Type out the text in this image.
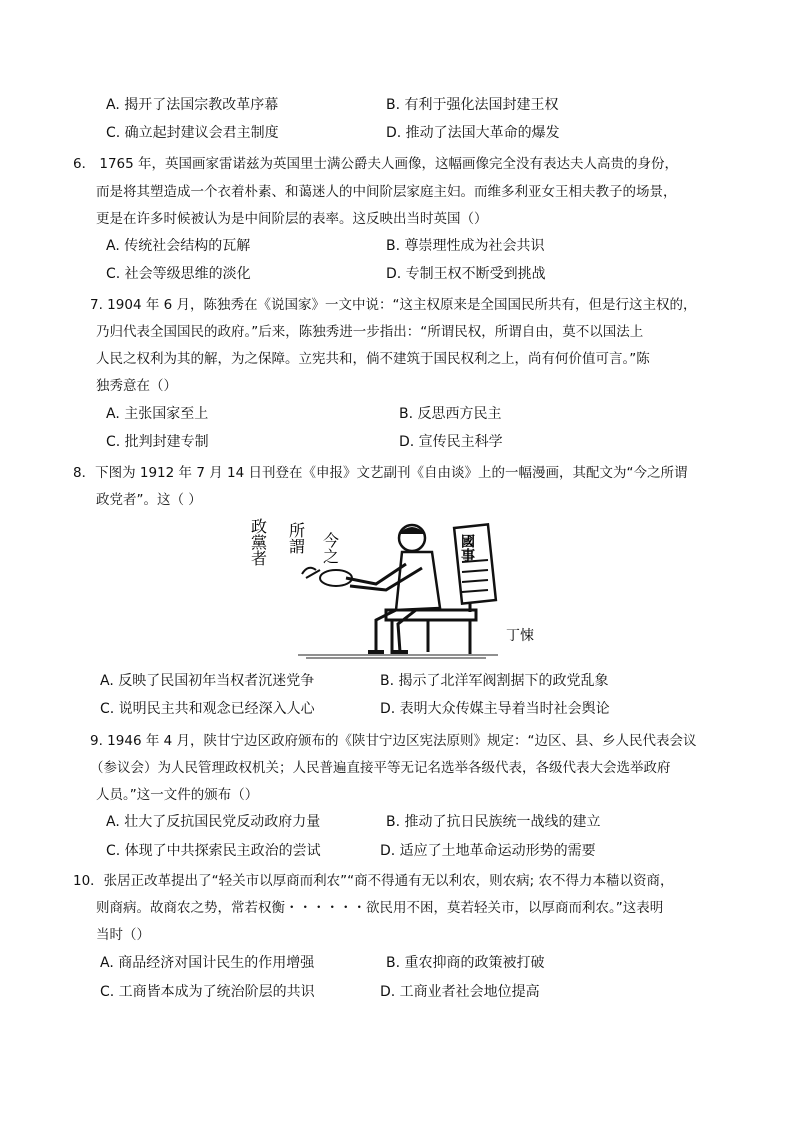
A. 揭开了法国宗教改革序幕	B. 有利于强化法国封建王权
C. 确立起封建议会君主制度	D. 推动了法国大革命的爆发
6． 1765 年，英国画家雷诺兹为英国里士满公爵夫人画像，这幅画像完全没有表达夫人高贵的身份，
而是将其塑造成一个衣着朴素、和蔼迷人的中间阶层家庭主妇。而维多利亚女王相夫教子的场景，
更是在许多时候被认为是中间阶层的表率。这反映出当时英国（）
A. 传统社会结构的瓦解	B. 尊崇理性成为社会共识
C. 社会等级思维的淡化	D. 专制王权不断受到挑战
7. 1904 年 6 月，陈独秀在《说国家》一文中说：“这主权原来是全国国民所共有，但是行这主权的，
乃归代表全国国民的政府。”后来，陈独秀进一步指出：“所谓民权，所谓自由，莫不以国法上
人民之权利为其的解，为之保障。立宪共和，倘不建筑于国民权利之上，尚有何价值可言。”陈
独秀意在（）
A. 主张国家至上	B. 反思西方民主
C. 批判封建专制	D. 宣传民主科学
8．下图为 1912 年 7 月 14 日刊登在《申报》文艺副刊《自由谈》上的一幅漫画，其配文为“今之所谓
政党者”。这（ ）
今之
所謂
政黨者	國事
丁悚
A. 反映了民国初年当权者沉迷党争	B. 揭示了北洋军阀割据下的政党乱象
C. 说明民主共和观念已经深入人心	D. 表明大众传媒主导着当时社会舆论
9. 1946 年 4 月，陕甘宁边区政府颁布的《陕甘宁边区宪法原则》规定：“边区、县、乡人民代表会议
（参议会）为人民管理政权机关；人民普遍直接平等无记名选举各级代表，各级代表大会选举政府
人员。”这一文件的颁布（）
A. 壮大了反抗国民党反动政府力量	B. 推动了抗日民族统一战线的建立
C. 体现了中共探索民主政治的尝试	D. 适应了土地革命运动形势的需要
10．张居正改革提出了“轻关市以厚商而利农”“商不得通有无以利农，则农病; 农不得力本穑以资商，
则商病。故商农之势，常若权衡・・・・・・欲民用不困，莫若轻关市，以厚商而利农。”这表明
当时（）
A. 商品经济对国计民生的作用增强	B. 重农抑商的政策被打破
C. 工商皆本成为了统治阶层的共识	D. 工商业者社会地位提高
